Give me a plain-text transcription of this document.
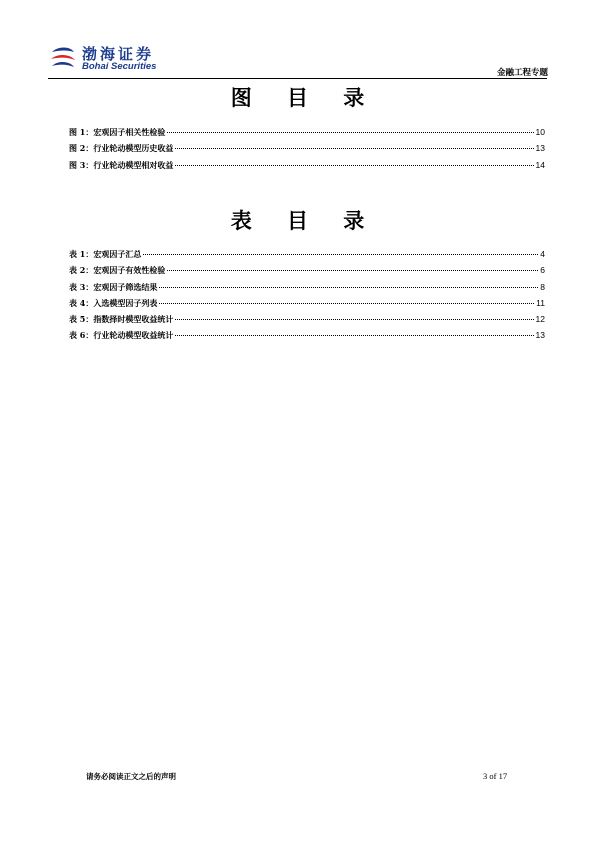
渤海证券
Bohai Securities
金融工程专题
图 目 录
图 1：宏观因子相关性检验	10
图 2：行业轮动模型历史收益	13
图 3：行业轮动模型相对收益	14
表 目 录
表 1：宏观因子汇总	4
表 2：宏观因子有效性检验	6
表 3：宏观因子筛选结果	8
表 4：入选模型因子列表	11
表 5：指数择时模型收益统计	12
表 6：行业轮动模型收益统计	13
请务必阅读正文之后的声明	3 of 17
